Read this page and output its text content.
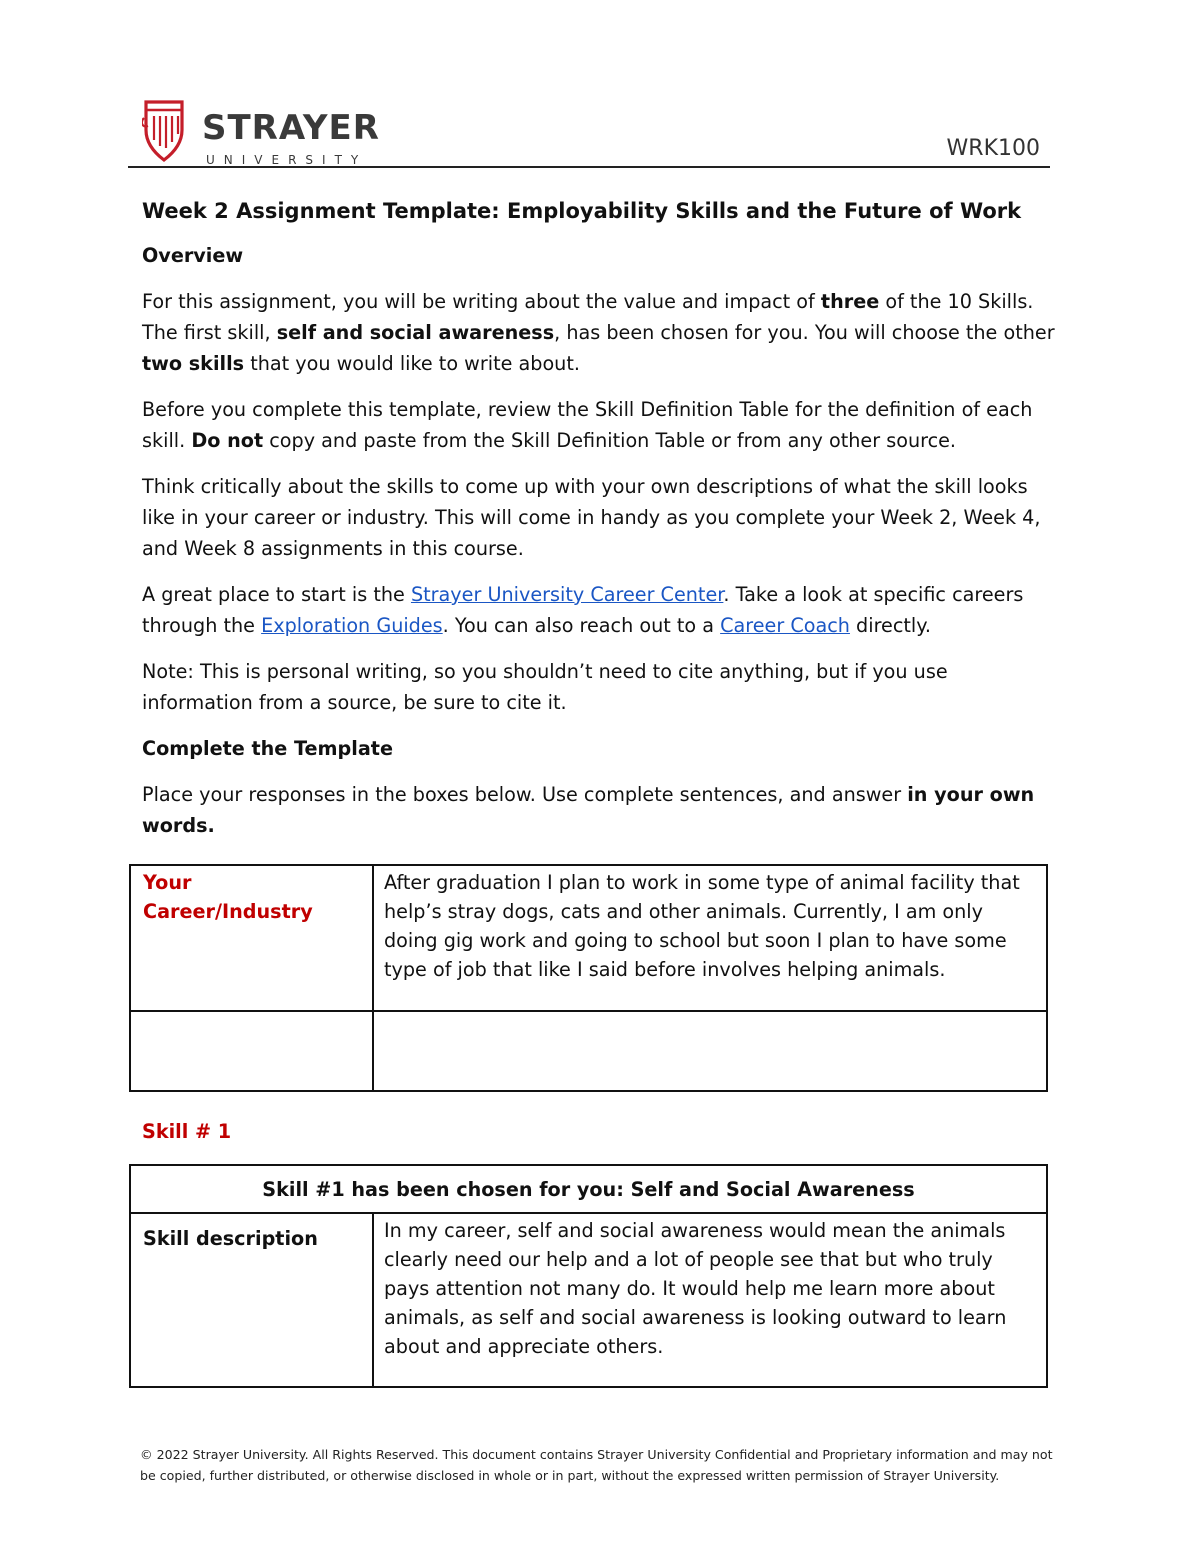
STRAYER
UNIVERSITY	WRK100
Week 2 Assignment Template: Employability Skills and the Future of Work
Overview
For this assignment, you will be writing about the value and impact of three of the 10 Skills. The first skill, self and social awareness, has been chosen for you. You will choose the other two skills that you would like to write about.
Before you complete this template, review the Skill Definition Table for the definition of each skill. Do not copy and paste from the Skill Definition Table or from any other source.
Think critically about the skills to come up with your own descriptions of what the skill looks like in your career or industry. This will come in handy as you complete your Week 2, Week 4, and Week 8 assignments in this course.
A great place to start is the Strayer University Career Center. Take a look at specific careers through the Exploration Guides. You can also reach out to a Career Coach directly.
Note: This is personal writing, so you shouldn’t need to cite anything, but if you use information from a source, be sure to cite it.
Complete the Template
Place your responses in the boxes below. Use complete sentences, and answer in your own words.
Your Career/Industry	After graduation I plan to work in some type of animal facility that help’s stray dogs, cats and other animals. Currently, I am only doing gig work and going to school but soon I plan to have some type of job that like I said before involves helping animals.

Skill # 1
Skill #1 has been chosen for you: Self and Social Awareness
Skill description	In my career, self and social awareness would mean the animals clearly need our help and a lot of people see that but who truly pays attention not many do. It would help me learn more about animals, as self and social awareness is looking outward to learn about and appreciate others.
© 2022 Strayer University. All Rights Reserved. This document contains Strayer University Confidential and Proprietary information and may not be copied, further distributed, or otherwise disclosed in whole or in part, without the expressed written permission of Strayer University.
